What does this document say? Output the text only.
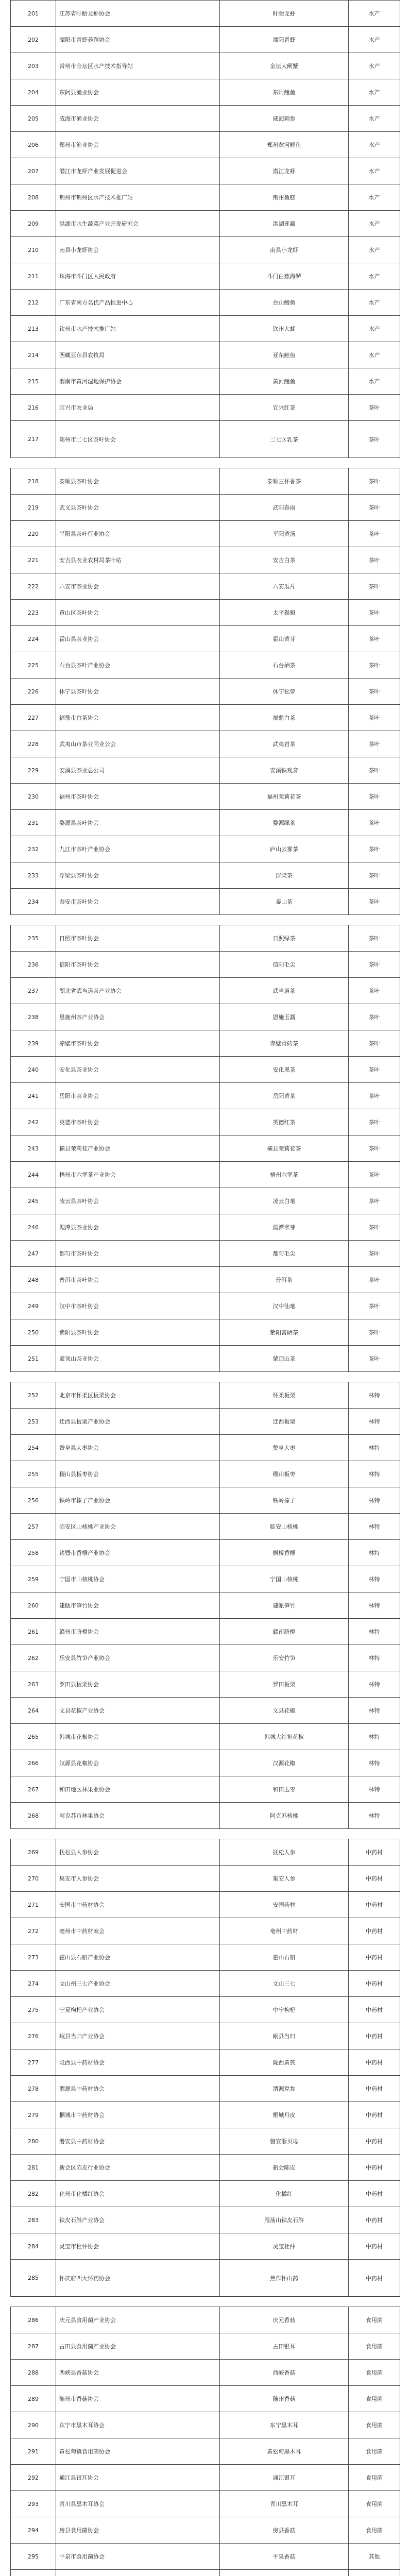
201	江苏省盱眙龙虾协会	盱眙龙虾	水产
202	溧阳市青虾养殖协会	溧阳青虾	水产
203	常州市金坛区水产技术指导站	金坛大闸蟹	水产
204	东阿县渔业协会	东阿鲤鱼	水产
205	威海市渔业协会	威海刺参	水产
206	郑州市渔业协会	郑州黄河鲤鱼	水产
207	潜江市龙虾产业发展促进会	潜江龙虾	水产
208	荆州市荆州区水产技术推广站	荆州鱼糕	水产
209	洪湖市水生蔬菜产业开发研究会	洪湖莲藕	水产
210	南县小龙虾协会	南县小龙虾	水产
211	珠海市斗门区人民政府	斗门白蕉海鲈	水产
212	广东省南方名优产品推进中心	台山鳗鱼	水产
213	钦州市水产技术推广站	钦州大蚝	水产
214	西藏亚东县农牧局	亚东鲑鱼	水产
215	渭南市黄河湿地保护协会	黄河鲤鱼	水产
216	宜兴市农业局	宜兴红茶	茶叶
217	郑州市二七区茶叶协会	二七区乳茶	茶叶

218	泰顺县茶叶协会	泰顺三杯香茶	茶叶
219	武义县茶叶协会	武阳春雨	茶叶
220	平阳县茶叶行业协会	平阳黄汤	茶叶
221	安吉县农业农村局茶叶站	安吉白茶	茶叶
222	六安市茶业协会	六安瓜片	茶叶
223	黄山区茶叶协会	太平猴魁	茶叶
224	霍山县茶业协会	霍山黄芽	茶叶
225	石台县茶叶产业协会	石台硒茶	茶叶
226	休宁县茶叶协会	休宁松萝	茶叶
227	福鼎市白茶协会	福鼎白茶	茶叶
228	武夷山市茶业同业公会	武夷岩茶	茶叶
229	安溪县茶业总公司	安溪铁观音	茶叶
230	福州市茶叶协会	福州茉莉花茶	茶叶
231	婺源县茶叶协会	婺源绿茶	茶叶
232	九江市茶叶产业协会	庐山云雾茶	茶叶
233	浮梁县茶叶协会	浮梁茶	茶叶
234	泰安市茶叶协会	泰山茶	茶叶

235	日照市茶叶协会	日照绿茶	茶叶
236	信阳市茶叶协会	信阳毛尖	茶叶
237	湖北省武当道茶产业协会	武当道茶	茶叶
238	恩施州茶产业协会	恩施玉露	茶叶
239	赤壁市茶叶协会	赤壁青砖茶	茶叶
240	安化县茶业协会	安化黑茶	茶叶
241	岳阳市茶业协会	岳阳黄茶	茶叶
242	英德市茶叶协会	英德红茶	茶叶
243	横县茉莉花产业协会	横县茉莉花茶	茶叶
244	梧州市六堡茶产业协会	梧州六堡茶	茶叶
245	凌云县茶叶协会	凌云白毫	茶叶
246	湄潭县茶业协会	湄潭翠芽	茶叶
247	都匀市茶叶协会	都匀毛尖	茶叶
248	普洱市茶叶协会	普洱茶	茶叶
249	汉中市茶叶协会	汉中仙毫	茶叶
250	紫阳县茶叶协会	紫阳富硒茶	茶叶
251	蒙顶山茶业协会	蒙顶山茶	茶叶

252	北京市怀柔区板栗协会	怀柔板栗	林特
253	迁西县板栗产业协会	迁西板栗	林特
254	赞皇县大枣协会	赞皇大枣	林特
255	稷山县板枣协会	稷山板枣	林特
256	铁岭市榛子产业协会	铁岭榛子	林特
257	临安区山核桃产业协会	临安山核桃	林特
258	诸暨市香榧产业协会	枫桥香榧	林特
259	宁国市山核桃协会	宁国山核桃	林特
260	建瓯市笋竹协会	建瓯笋竹	林特
261	赣州市脐橙协会	赣南脐橙	林特
262	乐安县竹笋产业协会	乐安竹笋	林特
263	罗田县板栗协会	罗田板栗	林特
264	文县花椒产业协会	文县花椒	林特
265	韩城市花椒协会	韩城大红袍花椒	林特
266	汉源县花椒协会	汉源花椒	林特
267	和田地区林果业协会	和田玉枣	林特
268	阿克苏市林果协会	阿克苏核桃	林特

269	抚松县人参协会	抚松人参	中药材
270	集安市人参协会	集安人参	中药材
271	安国市中药材协会	安国药材	中药材
272	亳州市中药材商会	亳州中药材	中药材
273	霍山县石斛产业协会	霍山石斛	中药材
274	文山州三七产业协会	文山三七	中药材
275	宁夏枸杞产业协会	中宁枸杞	中药材
276	岷县当归产业协会	岷县当归	中药材
277	陇西县中药材协会	陇西黄芪	中药材
278	渭源县中药材协会	渭源党参	中药材
279	桐城市中药材协会	桐城丹皮	中药材
280	磐安县中药材协会	磐安浙贝母	中药材
281	新会区陈皮行业协会	新会陈皮	中药材
282	化州市化橘红协会	化橘红	中药材
283	铁皮石斛产业协会	雁荡山铁皮石斛	中药材
284	灵宝市杜仲协会	灵宝杜仲	中药材
285	怀庆府四大怀药协会	焦作怀山药	中药材

286	庆元县食用菌产业协会	庆元香菇	食用菌
287	古田县食用菌产业协会	古田银耳	食用菌
288	西峡县香菇协会	西峡香菇	食用菌
289	随州市香菇协会	随州香菇	食用菌
290	东宁市黑木耳协会	东宁黑木耳	食用菌
291	黄松甸镇食用菌协会	黄松甸黑木耳	食用菌
292	通江县银耳协会	通江银耳	食用菌
293	青川县黑木耳协会	青川黑木耳	食用菌
294	房县食用菌协会	房县香菇	食用菌
295	平泉市食用菌协会	平泉香菇	其他
